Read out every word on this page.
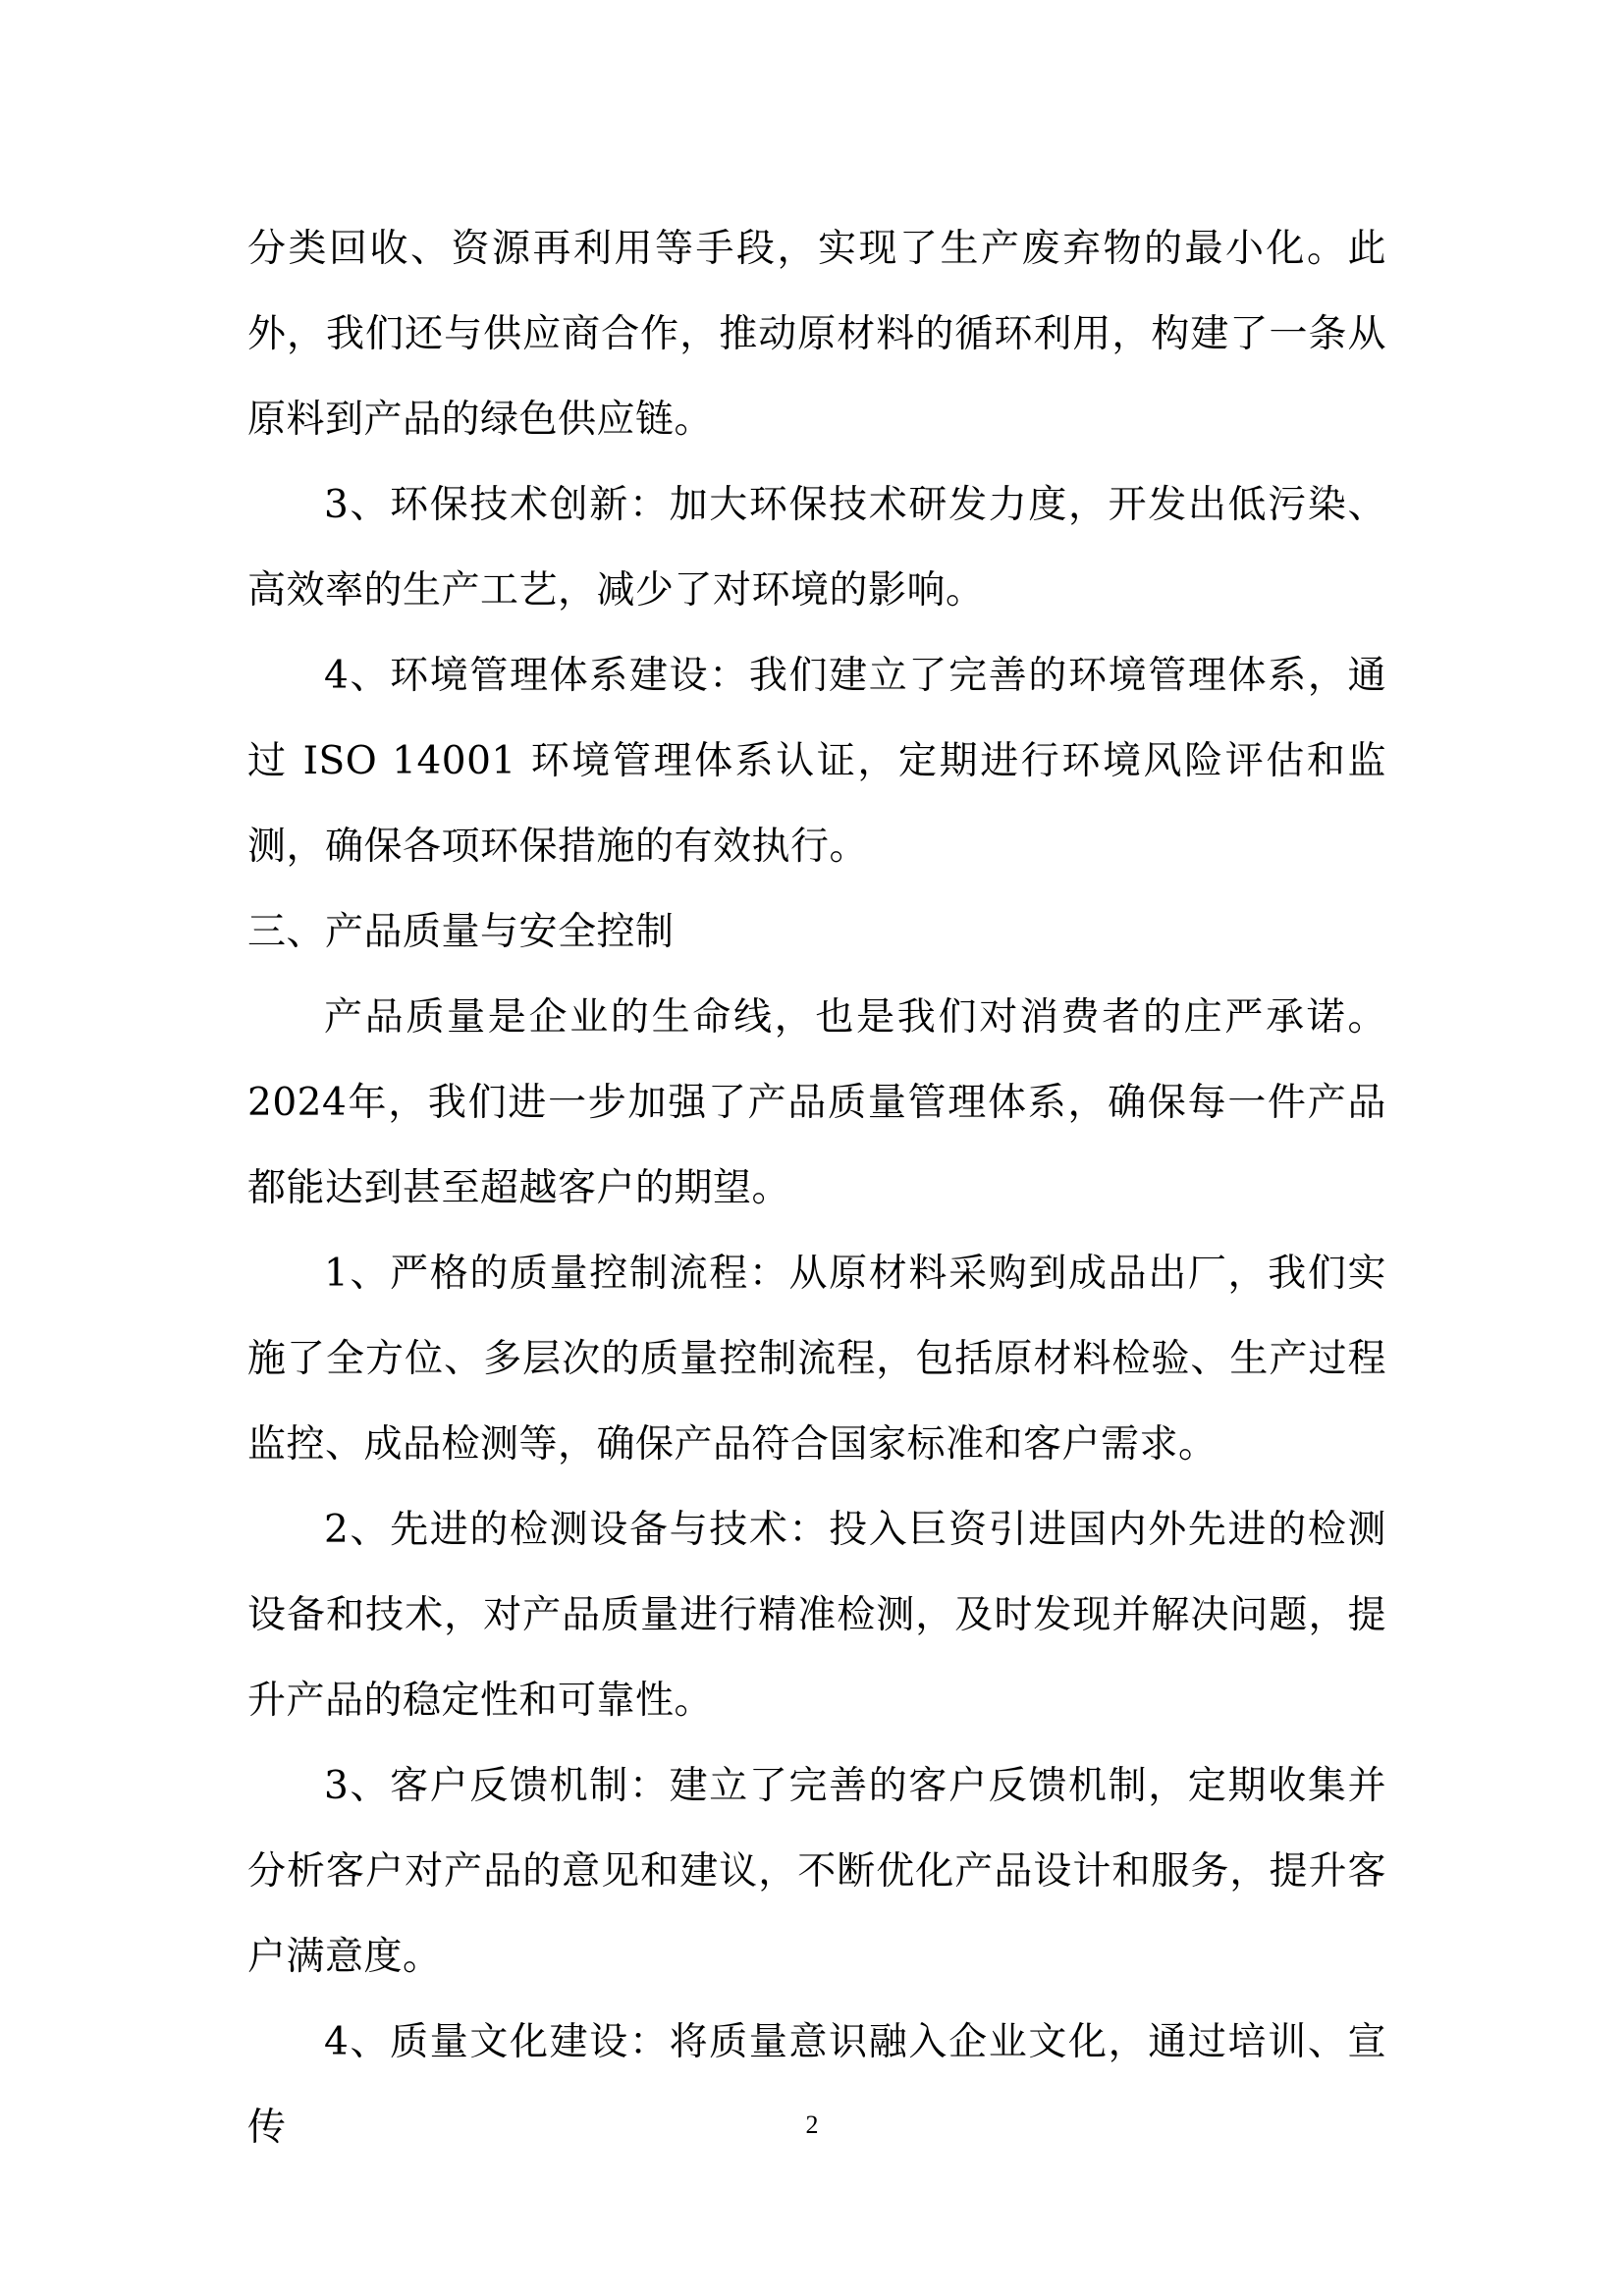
分类回收、资源再利用等手段，实现了生产废弃物的最小化。此外，我们还与供应商合作，推动原材料的循环利用，构建了一条从原料到产品的绿色供应链。

3、环保技术创新：加大环保技术研发力度，开发出低污染、高效率的生产工艺，减少了对环境的影响。

4、环境管理体系建设：我们建立了完善的环境管理体系，通过 ISO 14001 环境管理体系认证，定期进行环境风险评估和监测，确保各项环保措施的有效执行。

三、产品质量与安全控制

产品质量是企业的生命线，也是我们对消费者的庄严承诺。2024年，我们进一步加强了产品质量管理体系，确保每一件产品都能达到甚至超越客户的期望。

1、严格的质量控制流程：从原材料采购到成品出厂，我们实施了全方位、多层次的质量控制流程，包括原材料检验、生产过程监控、成品检测等，确保产品符合国家标准和客户需求。

2、先进的检测设备与技术：投入巨资引进国内外先进的检测设备和技术，对产品质量进行精准检测，及时发现并解决问题，提升产品的稳定性和可靠性。

3、客户反馈机制：建立了完善的客户反馈机制，定期收集并分析客户对产品的意见和建议，不断优化产品设计和服务，提升客户满意度。

4、质量文化建设：将质量意识融入企业文化，通过培训、宣传	2
